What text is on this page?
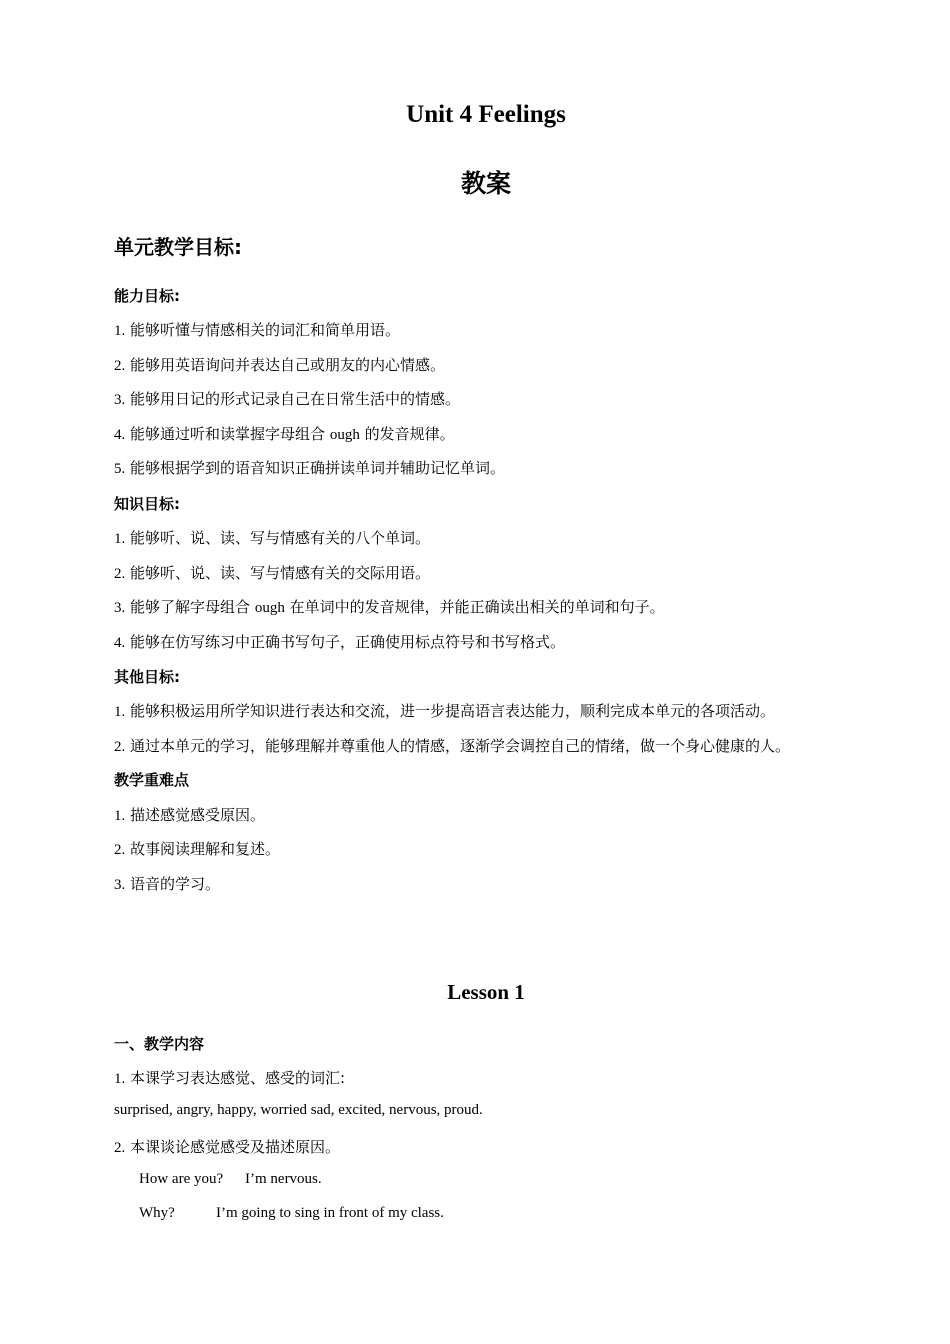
Unit 4 Feelings
教案
单元教学目标:
能力目标:
1. 能够听懂与情感相关的词汇和简单用语。
2. 能够用英语询问并表达自己或朋友的内心情感。
3. 能够用日记的形式记录自己在日常生活中的情感。
4. 能够通过听和读掌握字母组合 ough 的发音规律。
5. 能够根据学到的语音知识正确拼读单词并辅助记忆单词。
知识目标:
1. 能够听、说、读、写与情感有关的八个单词。
2. 能够听、说、读、写与情感有关的交际用语。
3. 能够了解字母组合 ough 在单词中的发音规律，并能正确读出相关的单词和句子。
4. 能够在仿写练习中正确书写句子，正确使用标点符号和书写格式。
其他目标:
1. 能够积极运用所学知识进行表达和交流，进一步提高语言表达能力，顺利完成本单元的各项活动。
2. 通过本单元的学习，能够理解并尊重他人的情感，逐渐学会调控自己的情绪，做一个身心健康的人。
教学重难点
1. 描述感觉感受原因。
2. 故事阅读理解和复述。
3. 语音的学习。
Lesson 1
一、教学内容
1. 本课学习表达感觉、感受的词汇:
surprised, angry, happy, worried sad, excited, nervous, proud.
2. 本课谈论感觉感受及描述原因。
How are you? I’m nervous.
Why?	I’m going to sing in front of my class.
